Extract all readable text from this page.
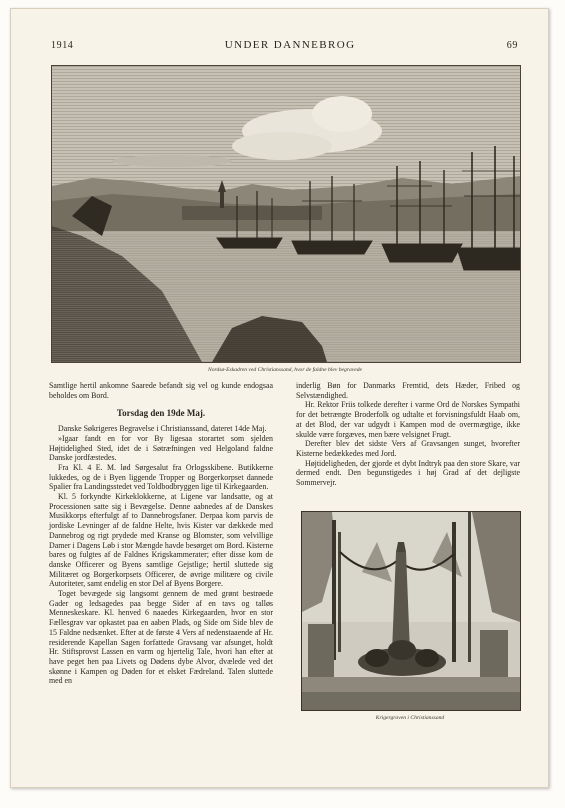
1914	UNDER DANNEBROG	69
Nordsø-Eskadren ved Christianssand, hvor de faldne blev begravede

Samtlige hertil ankomne Saarede befandt sig vel og kunde endogsaa beholdes om Bord.

Torsdag den 19de Maj.

Danske Søkrigeres Begravelse i Christianssand, dateret 14de Maj.

»Igaar fandt en for vor By ligesaa storartet som sjelden Højtidelighed Sted, idet de i Søtræfningen ved Helgoland faldne Danske jordfæstedes.

Fra Kl. 4 E. M. lød Sørgesalut fra Orlogsskibene. Butikkerne lukkedes, og de i Byen liggende Tropper og Borgerkorpset dannede Spalier fra Landingsstedet ved Toldbodbryggen lige til Kirkegaarden.

Kl. 5 forkyndte Kirkeklokkerne, at Ligene var landsatte, og at Processionen satte sig i Bevægelse. Denne aabnedes af de Danskes Musikkorps efterfulgt af to Dannebrogsfaner. Derpaa kom parvis de jordiske Levninger af de faldne Helte, hvis Kister var dækkede med Dannebrog og rigt prydede med Kranse og Blomster, som velvillige Damer i Dagens Løb i stor Mængde havde besørget om Bord. Kisterne bares og fulgtes af de Faldnes Krigskammerater; efter disse kom de danske Officerer og Byens samtlige Gejstlige; hertil sluttede sig Militæret og Borgerkorpsets Officerer, de øvrige militære og civile Autoriteter, samt endelig en stor Del af Byens Borgere.

Toget bevægede sig langsomt gennem de med grønt bestrøede Gader og ledsagedes paa begge Sider af en tavs og talløs Menneskeskare. Kl. henved 6 naaedes Kirkegaarden, hvor en stor Fællesgrav var opkastet paa en aaben Plads, og Side om Side blev de 15 Faldne nedsænket. Efter at de første 4 Vers af nedenstaaende af Hr. residerende Kapellan Sagen forfattede Gravsang var afsunget, holdt Hr. Stiftsprovst Lassen en varm og hjertelig Tale, hvori han efter at have peget hen paa Livets og Dødens dybe Alvor, dvælede ved det skønne i Kampen og Døden for et elsket Fædreland. Talen sluttede med en

inderlig Bøn for Danmarks Fremtid, dets Hæder, Fribed og Selvstændighed.

Hr. Rektor Friis tolkede derefter i varme Ord de Norskes Sympathi for det betrængte Broderfolk og udtalte et forvisningsfuldt Haab om, at det Blod, der var udgydt i Kampen mod de overmægtige, ikke skulde være forgæves, men bære velsignet Frugt.

Derefter blev det sidste Vers af Gravsangen sunget, hvorefter Kisterne bedækkedes med Jord.

Højtideligheden, der gjorde et dybt Indtryk paa den store Skare, var dermed endt. Den begunstigedes i høj Grad af det dejligste Sommervejr.

Krigergraven i Christianssand
